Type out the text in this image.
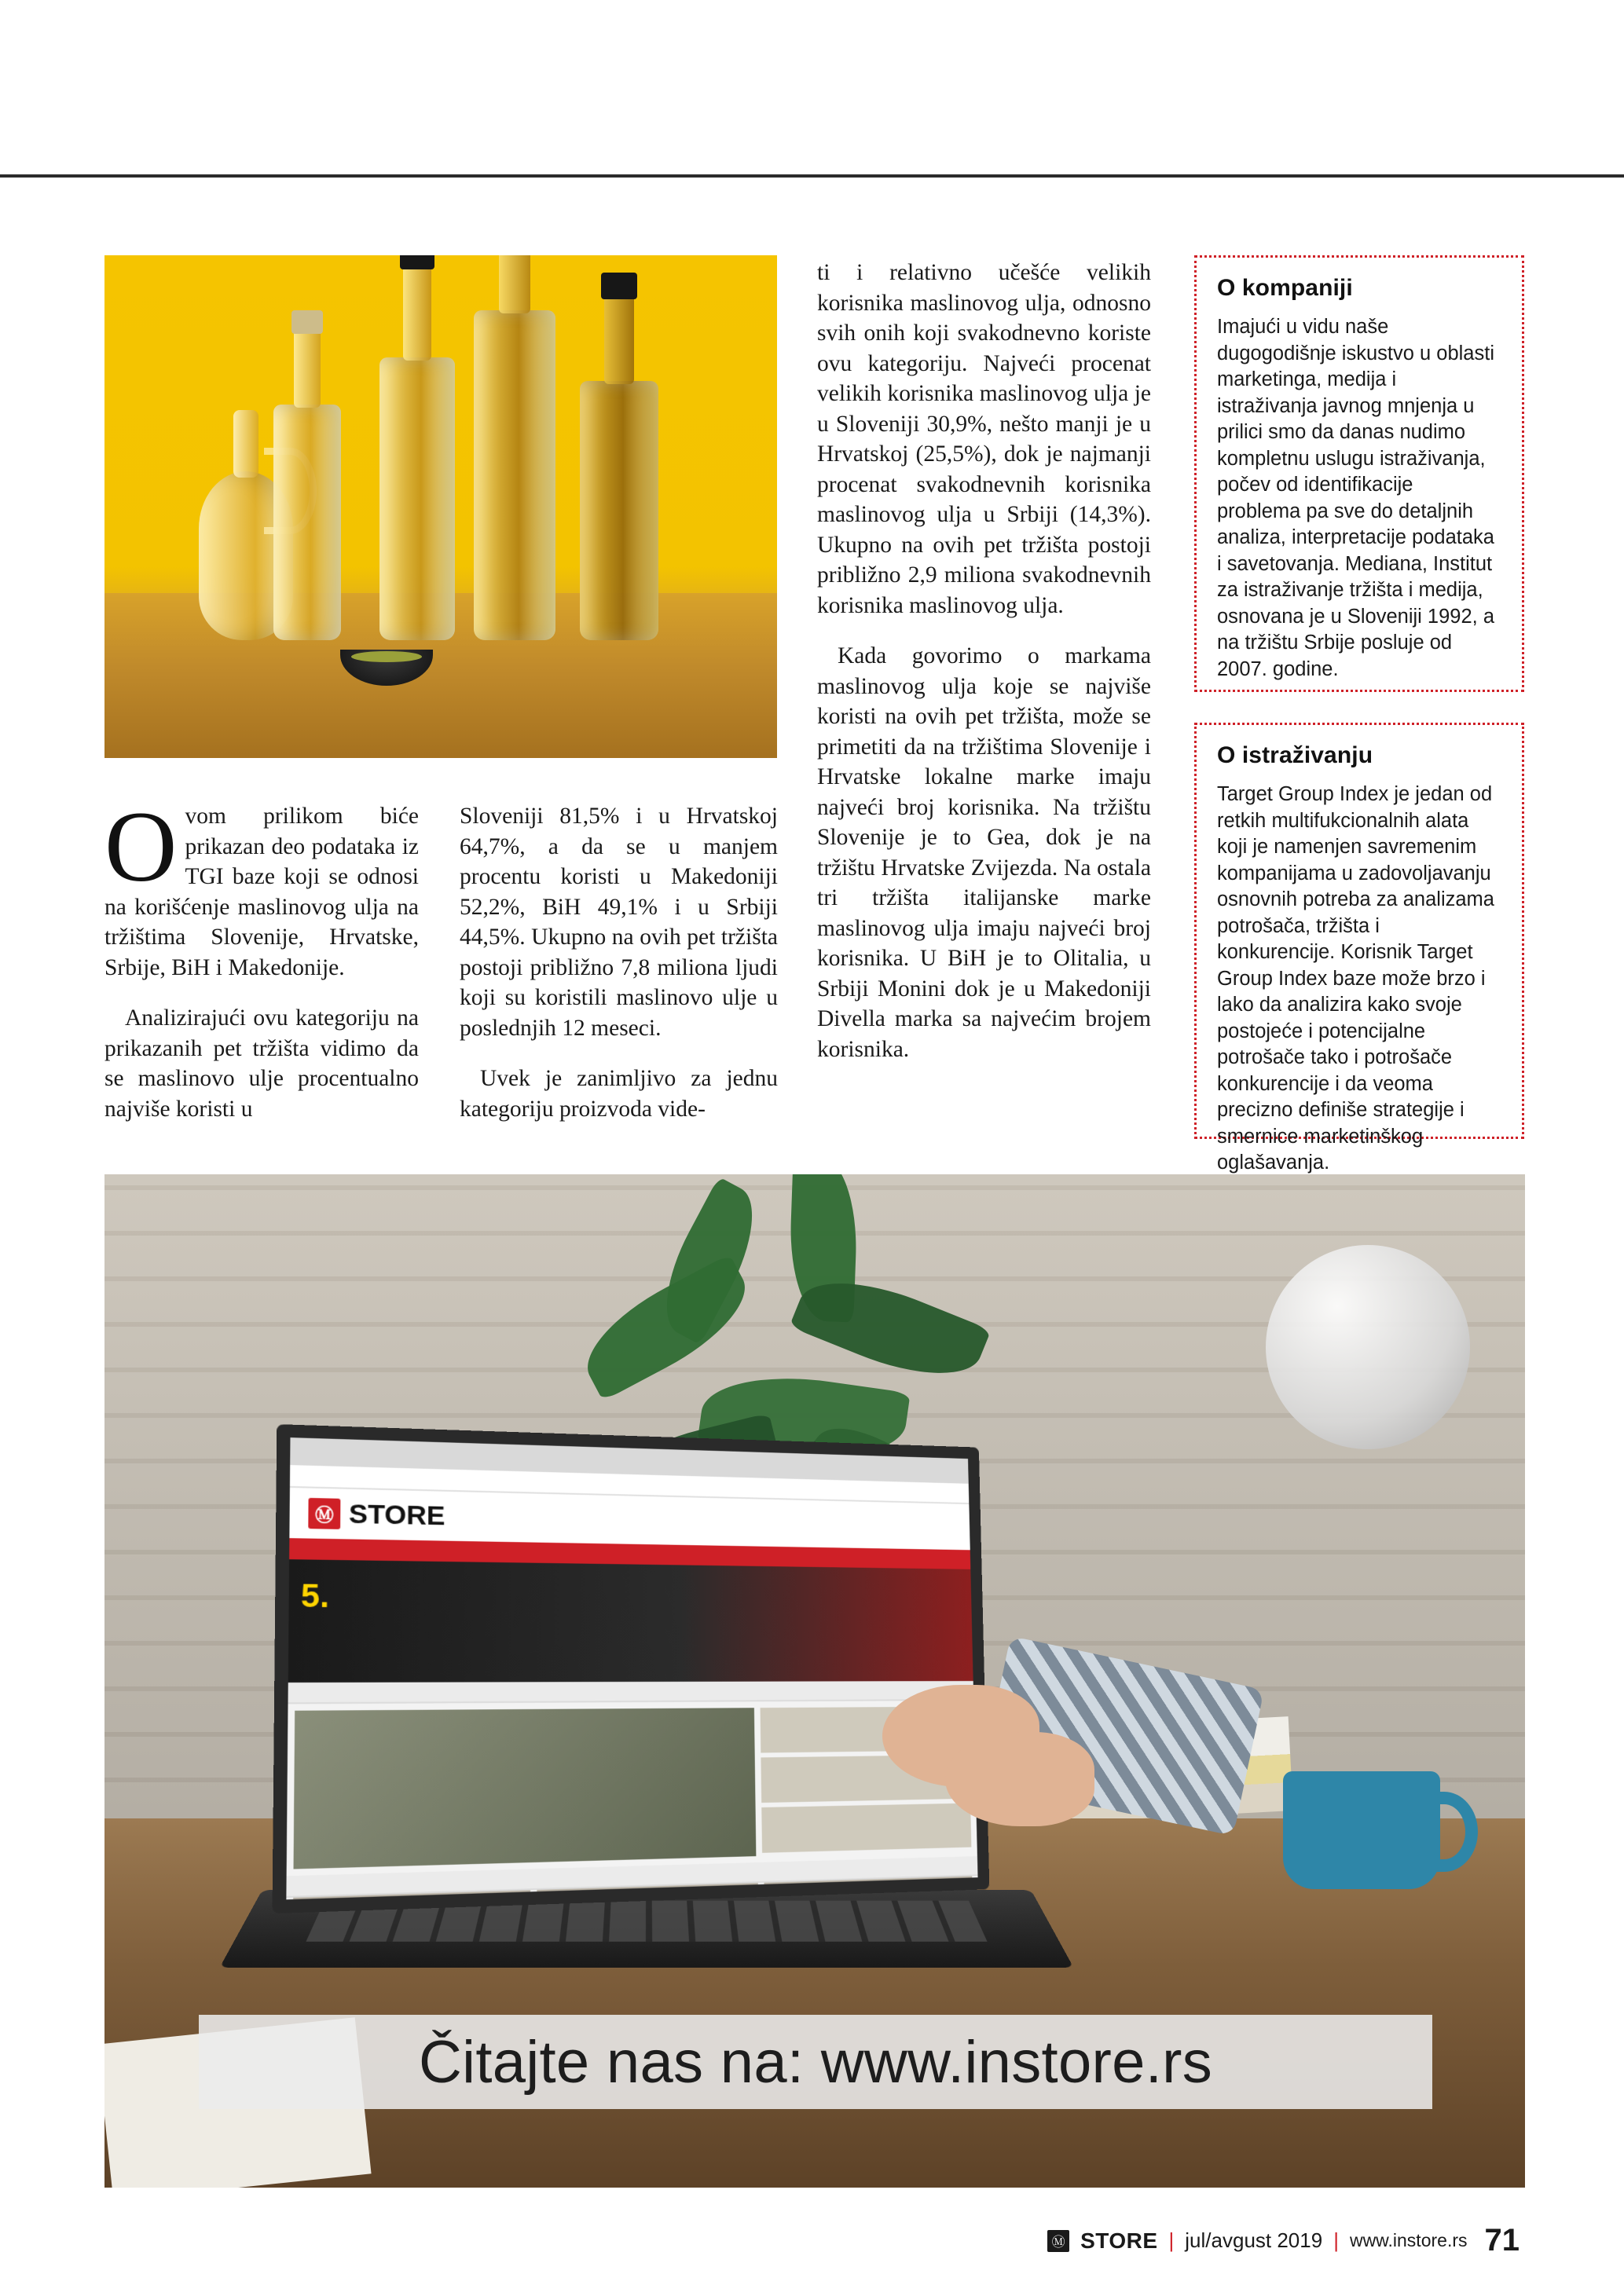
Ovom prilikom biće prikazan deo podataka iz TGI baze koji se odnosi na korišćenje maslinovog ulja na tržištima Slovenije, Hrvatske, Srbije, BiH i Makedonije.

Analizirajući ovu kategoriju na prikazanih pet tržišta vidimo da se maslinovo ulje procentualno najviše koristi u

Sloveniji 81,5% i u Hrvatskoj 64,7%, a da se u manjem procentu koristi u Makedoniji 52,2%, BiH 49,1% i u Srbiji 44,5%. Ukupno na ovih pet tržišta postoji približno 7,8 miliona ljudi koji su koristili maslinovo ulje u poslednjih 12 meseci.

Uvek je zanimljivo za jednu kategoriju proizvoda vide-

ti i relativno učešće velikih korisnika maslinovog ulja, odnosno svih onih koji svakodnevno koriste ovu kategoriju. Najveći procenat velikih korisnika maslinovog ulja je u Sloveniji 30,9%, nešto manji je u Hrvatskoj (25,5%), dok je najmanji procenat svakodnevnih korisnika maslinovog ulja u Srbiji (14,3%). Ukupno na ovih pet tržišta postoji približno 2,9 miliona svakodnevnih korisnika maslinovog ulja.

Kada govorimo o markama maslinovog ulja koje se najviše koristi na ovih pet tržišta, može se primetiti da na tržištima Slovenije i Hrvatske lokalne marke imaju najveći broj korisnika. Na tržištu Slovenije je to Gea, dok je na tržištu Hrvatske Zvijezda. Na ostala tri tržišta italijanske marke maslinovog ulja imaju najveći broj korisnika. U BiH je to Olitalia, u Srbiji Monini dok je u Makedoniji Divella marka sa najvećim brojem korisnika.

O kompaniji

Imajući u vidu naše dugogodišnje iskustvo u oblasti marketinga, medija i istraživanja javnog mnjenja u prilici smo da danas nudimo kompletnu uslugu istraživanja, počev od identifikacije problema pa sve do detaljnih analiza, interpretacije podataka i savetovanja. Mediana, Institut za istraživanje tržišta i medija, osnovana je u Sloveniji 1992, a na tržištu Srbije posluje od 2007. godine.

O istraživanju

Target Group Index je jedan od retkih multifukcionalnih alata koji je namenjen savremenim kompanijama u zadovoljavanju osnovnih potreba za analizama potrošača, tržišta i konkurencije. Korisnik Target Group Index baze može brzo i lako da analizira kako svoje postojeće i potencijalne potrošače tako i potrošače konkurencije i da veoma precizno definiše strategije i smernice marketinškog oglašavanja.

Ⓜ STORE
5.
Čitajte nas na: www.instore.rs
Ⓜ STORE | jul/avgust 2019 | www.instore.rs 71
